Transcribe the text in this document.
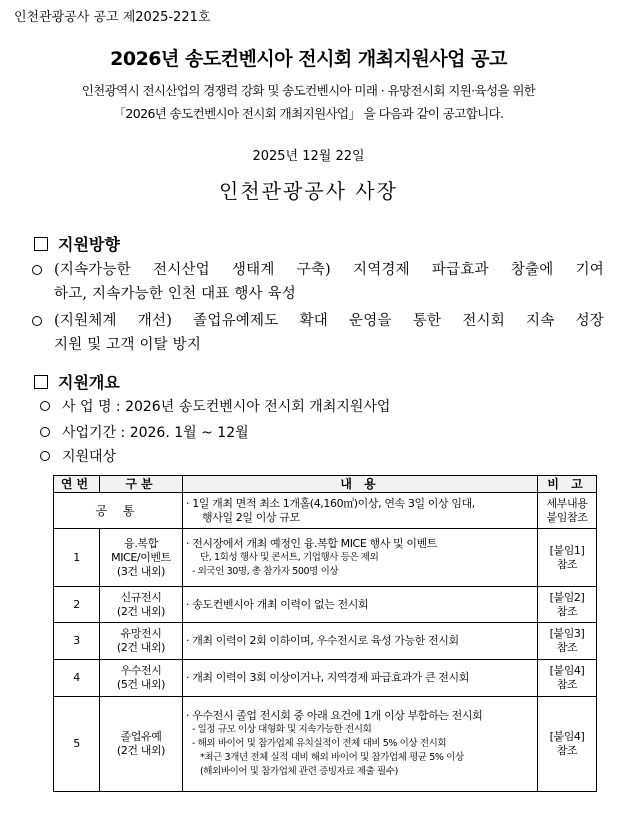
인천관광공사 공고 제2025-221호
2026년 송도컨벤시아 전시회 개최지원사업 공고
인천광역시 전시산업의 경쟁력 강화 및 송도컨벤시아 미래 · 유망전시회 지원·육성을 위한
「2026년 송도컨벤시아 전시회 개최지원사업」 을 다음과 같이 공고합니다.
2025년 12월 22일
인천관광공사 사장
지원방향
(지속가능한 전시산업 생태계 구축) 지역경제 파급효과 창출에 기여
하고, 지속가능한 인천 대표 행사 육성
(지원체계 개선) 졸업유예제도 확대 운영을 통한 전시회 지속 성장
지원 및 고객 이탈 방지
지원개요
사 업 명 : 2026년 송도컨벤시아 전시회 개최지원사업
사업기간 : 2026. 1월 ~ 12월
지원대상
연번	구분	내 용	비 고
공 통		· 1일 개최 면적 최소 1개홀(4,160㎡)이상, 연속 3일 이상 임대,
행사일 2일 이상 규모	세부내용
붙임참조

1	융.복합
MICE/이벤트
(3건 내외)	· 전시장에서 개최 예정인 융.복합 MICE 행사 및 이벤트
단, 1회성 행사 및 콘서트, 기업행사 등은 제외
- 외국인 30명, 총 참가자 500명 이상	[붙임1]
참조

2	신규전시
(2건 내외)	· 송도컨벤시아 개최 이력이 없는 전시회	[붙임2]
참조

3	유망전시
(2건 내외)	· 개최 이력이 2회 이하이며, 우수전시로 육성 가능한 전시회	[붙임3]
참조

4	우수전시
(5건 내외)	· 개최 이력이 3회 이상이거나, 지역경제 파급효과가 큰 전시회	[붙임4]
참조

5	졸업유예
(2건 내외)	· 우수전시 졸업 전시회 중 아래 요건에 1개 이상 부합하는 전시회
- 일정 규모 이상 대형화 및 지속가능한 전시회
- 해외 바이어 및 참가업체 유치실적이 전체 대비 5% 이상 전시회
*최근 3개년 전체 실적 대비 해외 바이어 및 참가업체 평균 5% 이상
(해외바이어 및 참가업체 관련 증빙자료 제출 필수)	[붙임4]
참조
